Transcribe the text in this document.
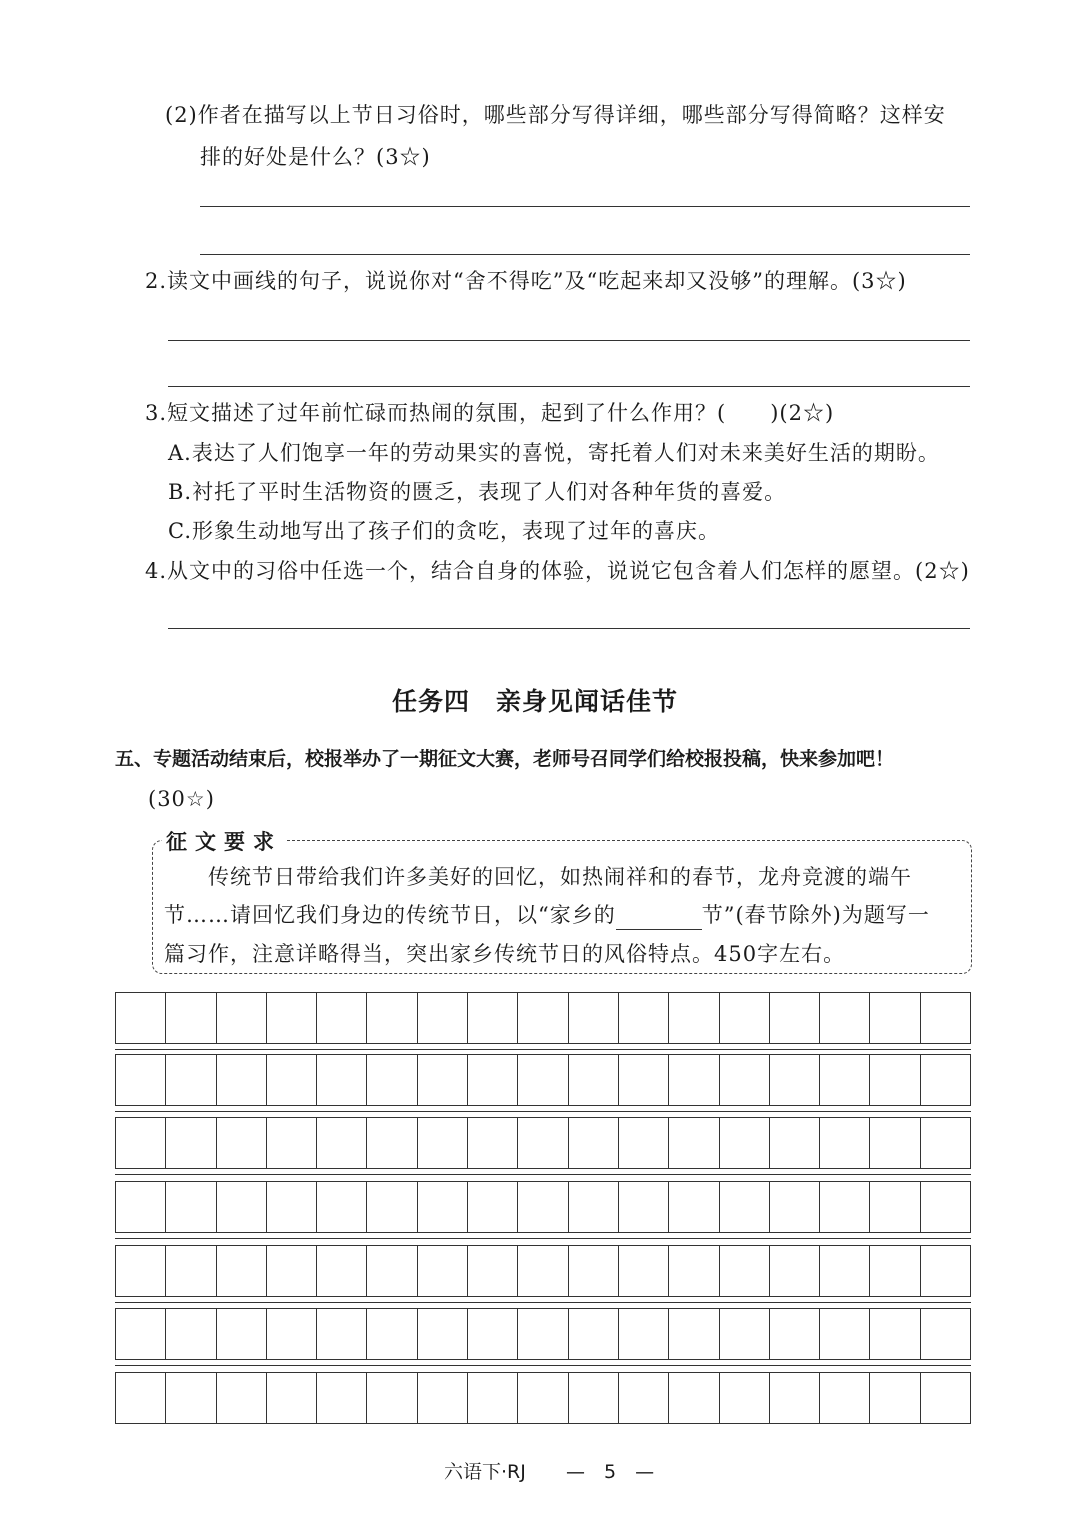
(2)作者在描写以上节日习俗时，哪些部分写得详细，哪些部分写得简略？这样安
排的好处是什么？(3☆)
2.读文中画线的句子，说说你对“舍不得吃”及“吃起来却又没够”的理解。(3☆)
3.短文描述了过年前忙碌而热闹的氛围，起到了什么作用？(　　)(2☆)
A.表达了人们饱享一年的劳动果实的喜悦，寄托着人们对未来美好生活的期盼。
B.衬托了平时生活物资的匮乏，表现了人们对各种年货的喜爱。
C.形象生动地写出了孩子们的贪吃，表现了过年的喜庆。
4.从文中的习俗中任选一个，结合自身的体验，说说它包含着人们怎样的愿望。(2☆)
任务四　亲身见闻话佳节
五、专题活动结束后，校报举办了一期征文大赛，老师号召同学们给校报投稿，快来参加吧！
(30☆)
征文要求
传统节日带给我们许多美好的回忆，如热闹祥和的春节，龙舟竞渡的端午
节……请回忆我们身边的传统节日，以“家乡的	节”(春节除外)为题写一
篇习作，注意详略得当，突出家乡传统节日的风俗特点。450字左右。
六语下·RJ —　5　—
